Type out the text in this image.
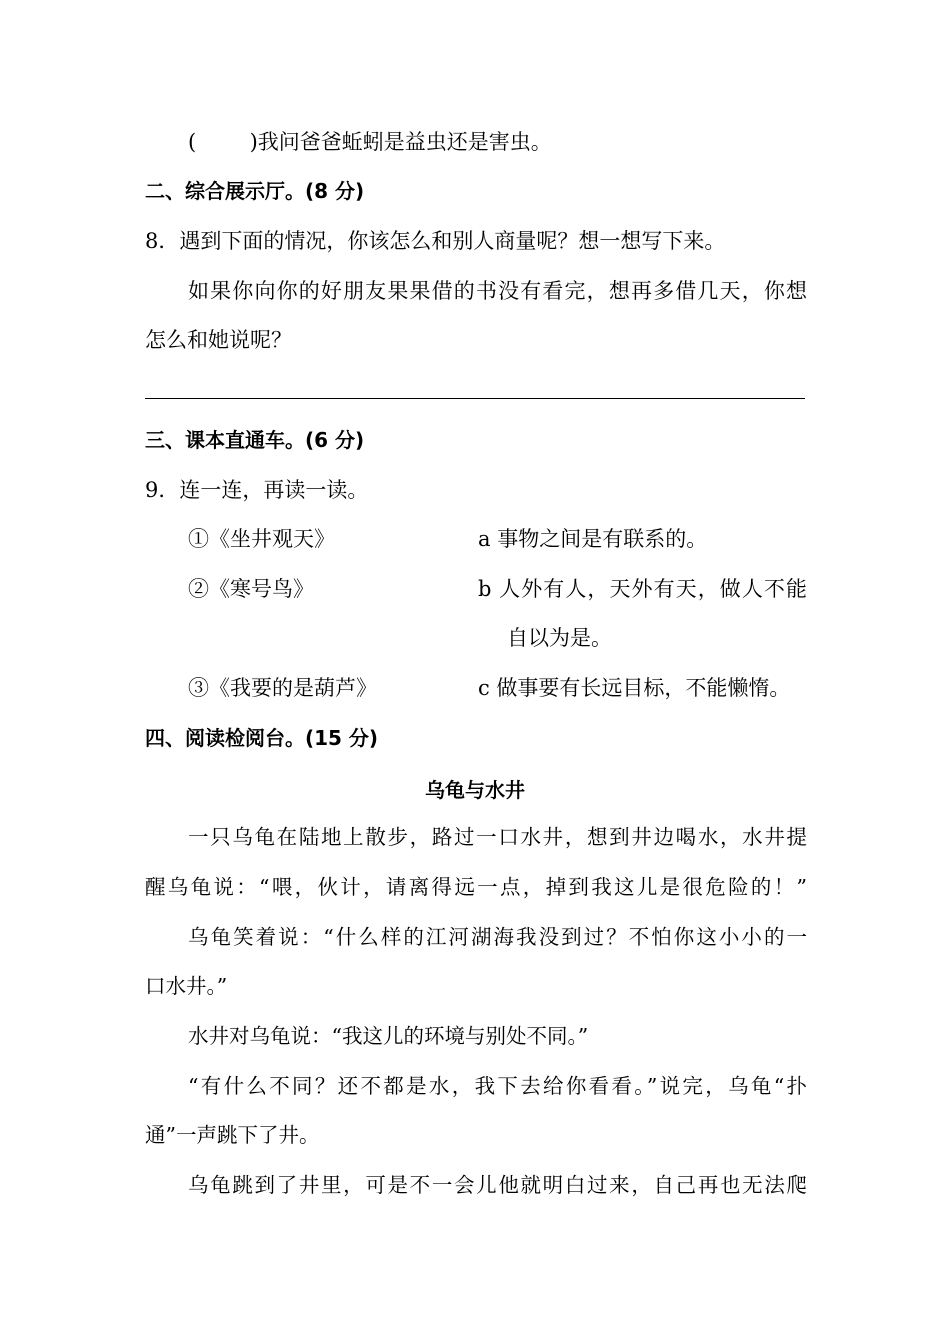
(        )我问爸爸蚯蚓是益虫还是害虫。
二、综合展示厅。(8 分)
8．遇到下面的情况，你该怎么和别人商量呢？想一想写下来。
如果你向你的好朋友果果借的书没有看完，想再多借几天，你想
怎么和她说呢？
三、课本直通车。(6 分)
9．连一连，再读一读。
①《坐井观天》	a 事物之间是有联系的。
②《寒号鸟》	b 人外有人，天外有天，做人不能
自以为是。
③《我要的是葫芦》	c 做事要有长远目标，不能懒惰。
四、阅读检阅台。(15 分)
乌龟与水井
一只乌龟在陆地上散步，路过一口水井，想到井边喝水，水井提
醒乌龟说：“喂，伙计，请离得远一点，掉到我这儿是很危险的！”
乌龟笑着说：“什么样的江河湖海我没到过？不怕你这小小的一
口水井。”
水井对乌龟说：“我这儿的环境与别处不同。”
“有什么不同？还不都是水，我下去给你看看。”说完，乌龟“扑
通”一声跳下了井。
乌龟跳到了井里，可是不一会儿他就明白过来，自己再也无法爬
